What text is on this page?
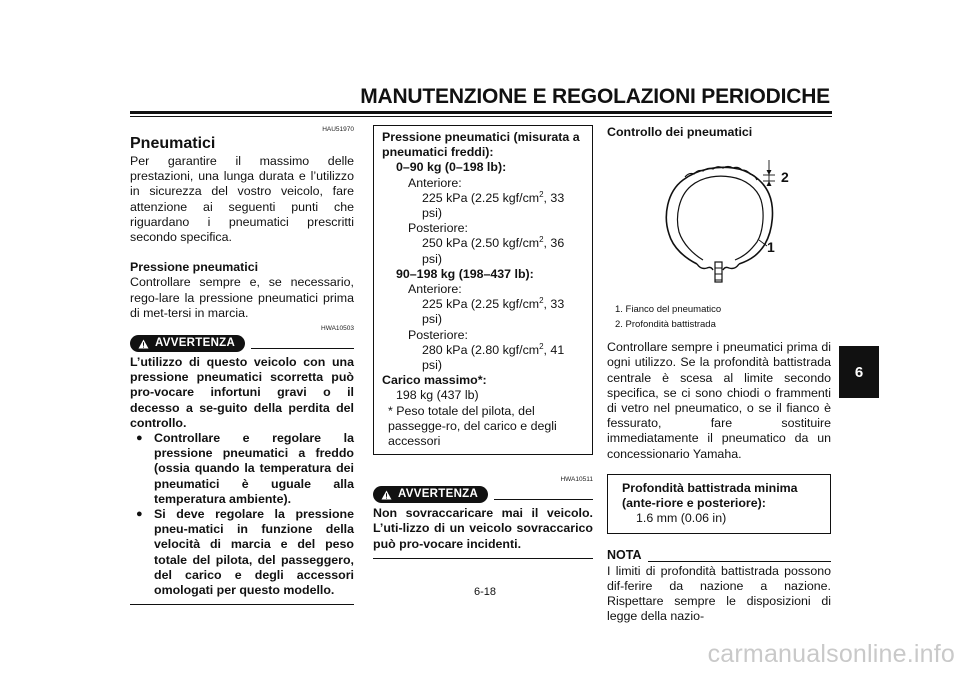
MANUTENZIONE E REGOLAZIONI PERIODICHE
6
HAU51970
Pneumatici
Per garantire il massimo delle prestazioni, una lunga durata e l’utilizzo in sicurezza del vostro veicolo, fare attenzione ai seguenti punti che riguardano i pneumatici prescritti secondo specifica.
Pressione pneumatici
Controllare sempre e, se necessario, rego-lare la pressione pneumatici prima di met-tersi in marcia.
HWA10503
AVVERTENZA
L’utilizzo di questo veicolo con una pressione pneumatici scorretta può pro-vocare infortuni gravi o il decesso a se-guito della perdita del controllo.
● Controllare e regolare la pressione pneumatici a freddo (ossia quando la temperatura dei pneumatici è uguale alla temperatura ambiente).
● Si deve regolare la pressione pneu-matici in funzione della velocità di marcia e del peso totale del pilota, del passeggero, del carico e degli accessori omologati per questo modello.
Pressione pneumatici (misurata a pneumatici freddi):
0–90 kg (0–198 lb):
Anteriore:
225 kPa (2.25 kgf/$cm^2$, 33 psi)
Posteriore:
250 kPa (2.50 kgf/$cm^2$, 36 psi)
90–198 kg (198–437 lb):
Anteriore:
225 kPa (2.25 kgf/$cm^2$, 33 psi)
Posteriore:
280 kPa (2.80 kgf/$cm^2$, 41 psi)
Carico massimo*:
198 kg (437 lb)
* Peso totale del pilota, del passegge-ro, del carico e degli accessori
HWA10511
AVVERTENZA
Non sovraccaricare mai il veicolo. L’uti-lizzo di un veicolo sovraccarico può pro-vocare incidenti.
Controllo dei pneumatici
2
1
1. Fianco del pneumatico
2. Profondità battistrada
Controllare sempre i pneumatici prima di ogni utilizzo. Se la profondità battistrada centrale è scesa al limite secondo specifica, se ci sono chiodi o frammenti di vetro nel pneumatico, o se il fianco è fessurato, fare sostituire immediatamente il pneumatico da un concessionario Yamaha.
Profondità battistrada minima (ante-riore e posteriore):
1.6 mm (0.06 in)
NOTA
I limiti di profondità battistrada possono dif-ferire da nazione a nazione. Rispettare sempre le disposizioni di legge della nazio-
6-18
carmanualsonline.info
